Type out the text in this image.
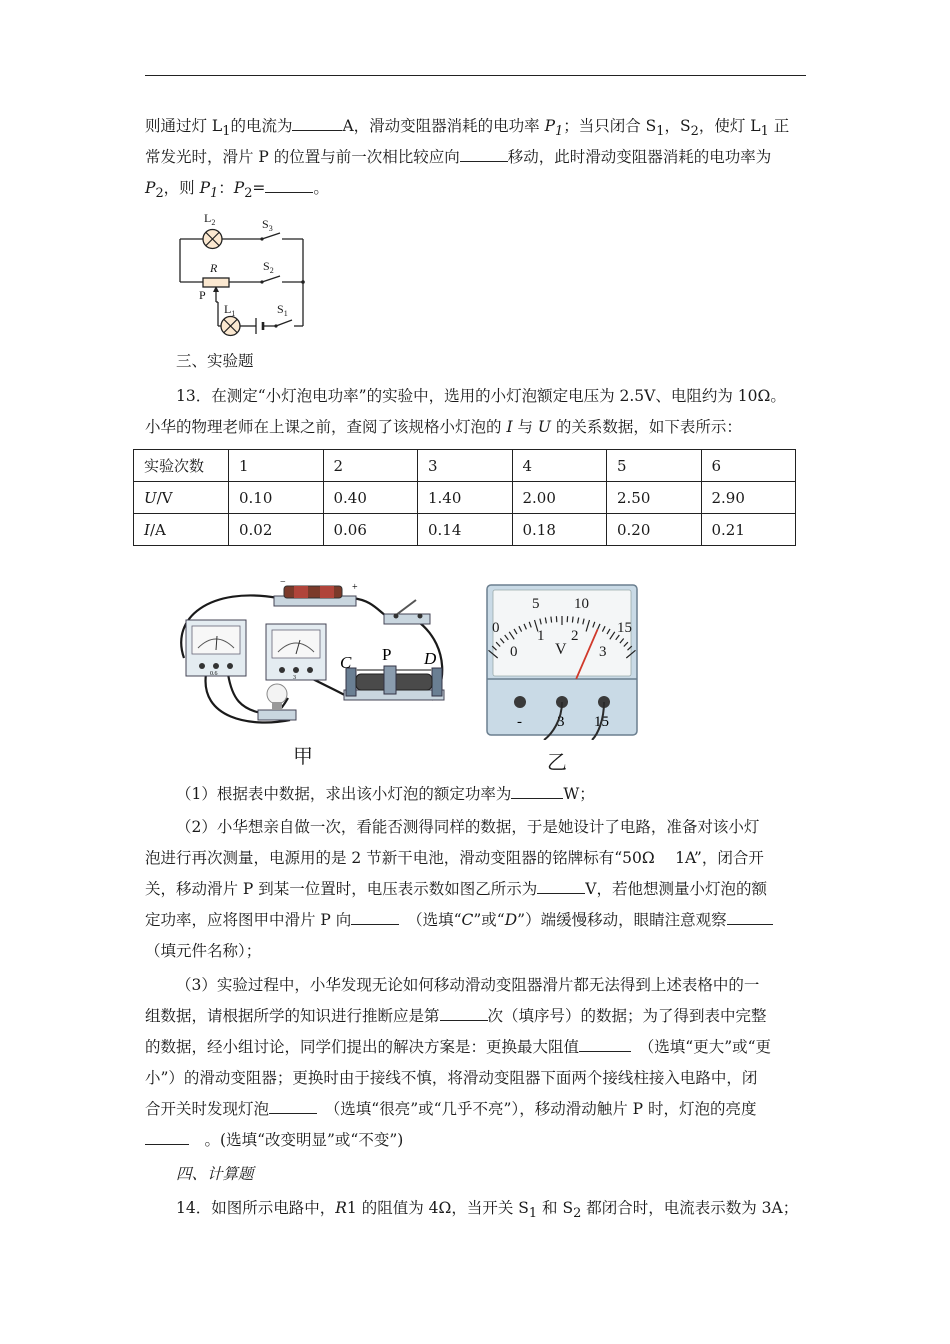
则通过灯 $L_1$的电流为	A，滑动变阻器消耗的电功率 $P_1$；当只闭合 $S_1$，$S_2$，使灯 $L_1$ 正

常发光时，滑片 P 的位置与前一次相比较应向	移动，此时滑动变阻器消耗的电功率为

$P_2$，则 $P_1$：$P_2=$	。

$L_2$	$S_3$
R	$S_2$
P
$L_1$	$S_1$

三、实验题

13．在测定“小灯泡电功率”的实验中，选用的小灯泡额定电压为 2.5V、电阻约为 10Ω。

小华的物理老师在上课之前，查阅了该规格小灯泡的 I 与 U 的关系数据，如下表所示：

实验次数	1	2	3	4	5	6
U/V	0.10	0.40	1.40	2.00	2.50	2.90
I/A	0.02	0.06	0.14	0.18	0.20	0.21
−	+
0.6
3
C P D
甲
0
5 10
15
0
1 2
3
V
- 3 15
乙

（1）根据表中数据，求出该小灯泡的额定功率为	W；

（2）小华想亲自做一次，看能否测得同样的数据，于是她设计了电路，准备对该小灯

泡进行再次测量，电源用的是 2 节新干电池，滑动变阻器的铭牌标有“50Ω　 1A”，闭合开

关，移动滑片 P 到某一位置时，电压表示数如图乙所示为	V，若他想测量小灯泡的额

定功率，应将图甲中滑片 P 向　	（选填“C”或“D”）端缓慢移动，眼睛注意观察

（填元件名称）；

（3）实验过程中，小华发现无论如何移动滑动变阻器滑片都无法得到上述表格中的一

组数据，请根据所学的知识进行推断应是第	次（填序号）的数据；为了得到表中完整

的数据，经小组讨论，同学们提出的解决方案是：更换最大阻值　	（选填“更大”或“更

小”）的滑动变阻器；更换时由于接线不慎，将滑动变阻器下面两个接线柱接入电路中，闭

合开关时发现灯泡　	（选填“很亮”或“几乎不亮”），移动滑动触片 P 时，灯泡的亮度

　。(选填“改变明显”或“不变”)

四、计算题

14．如图所示电路中，R1 的阻值为 4Ω，当开关 $S_1$ 和 $S_2$ 都闭合时，电流表示数为 3A；
